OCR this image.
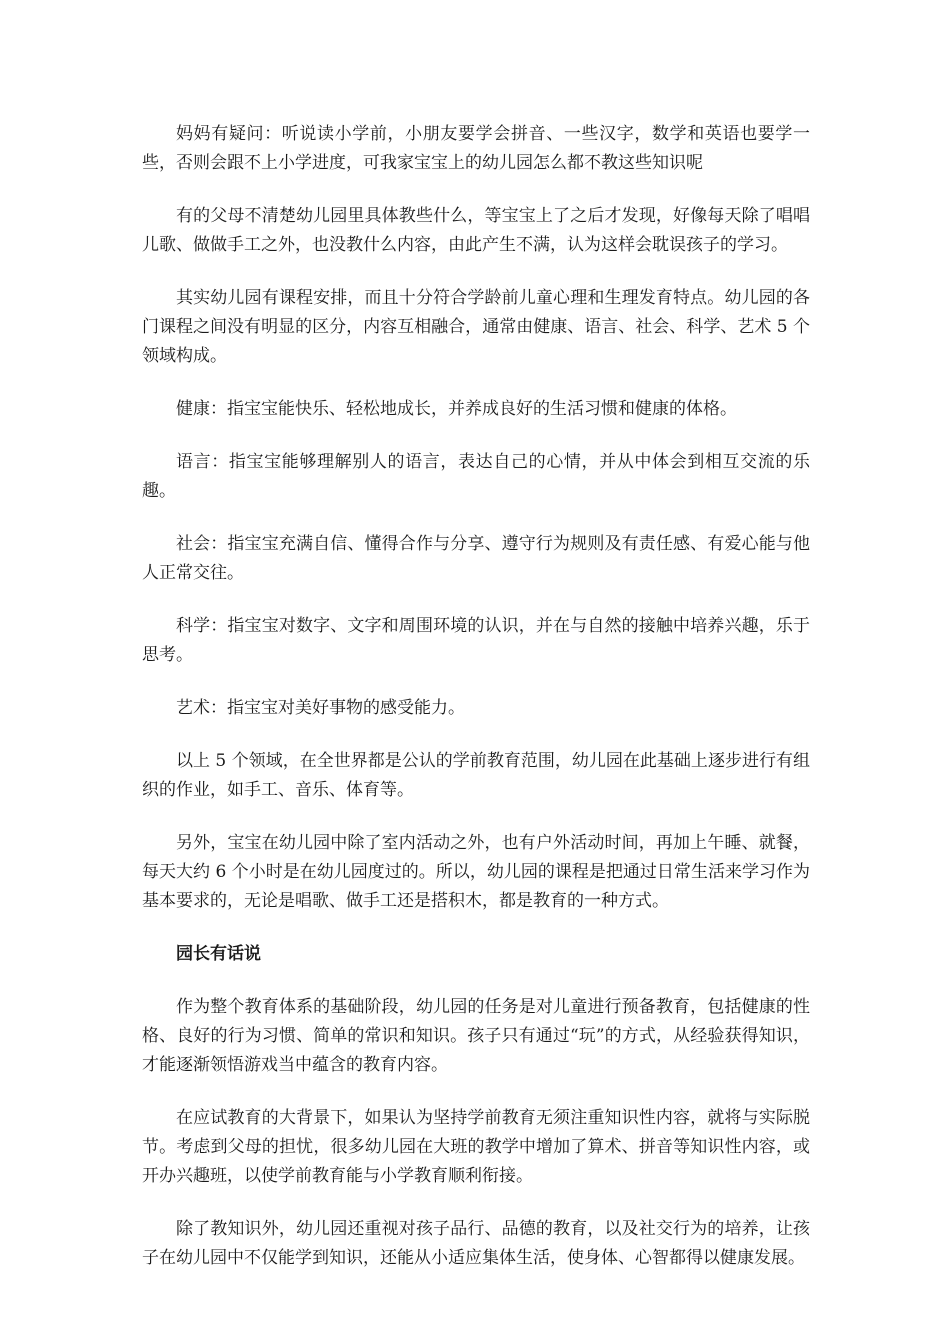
妈妈有疑问：听说读小学前，小朋友要学会拼音、一些汉字，数学和英语也要学一些，否则会跟不上小学进度，可我家宝宝上的幼儿园怎么都不教这些知识呢

有的父母不清楚幼儿园里具体教些什么，等宝宝上了之后才发现，好像每天除了唱唱儿歌、做做手工之外，也没教什么内容，由此产生不满，认为这样会耽误孩子的学习。

其实幼儿园有课程安排，而且十分符合学龄前儿童心理和生理发育特点。幼儿园的各门课程之间没有明显的区分，内容互相融合，通常由健康、语言、社会、科学、艺术 5 个领域构成。

健康：指宝宝能快乐、轻松地成长，并养成良好的生活习惯和健康的体格。

语言：指宝宝能够理解别人的语言，表达自己的心情，并从中体会到相互交流的乐趣。

社会：指宝宝充满自信、懂得合作与分享、遵守行为规则及有责任感、有爱心能与他人正常交往。

科学：指宝宝对数字、文字和周围环境的认识，并在与自然的接触中培养兴趣，乐于思考。

艺术：指宝宝对美好事物的感受能力。

以上 5 个领域，在全世界都是公认的学前教育范围，幼儿园在此基础上逐步进行有组织的作业，如手工、音乐、体育等。

另外，宝宝在幼儿园中除了室内活动之外，也有户外活动时间，再加上午睡、就餐，每天大约 6 个小时是在幼儿园度过的。所以，幼儿园的课程是把通过日常生活来学习作为基本要求的，无论是唱歌、做手工还是搭积木，都是教育的一种方式。

园长有话说

作为整个教育体系的基础阶段，幼儿园的任务是对儿童进行预备教育，包括健康的性格、良好的行为习惯、简单的常识和知识。孩子只有通过“玩”的方式，从经验获得知识，才能逐渐领悟游戏当中蕴含的教育内容。

在应试教育的大背景下，如果认为坚持学前教育无须注重知识性内容，就将与实际脱节。考虑到父母的担忧，很多幼儿园在大班的教学中增加了算术、拼音等知识性内容，或开办兴趣班，以使学前教育能与小学教育顺利衔接。

除了教知识外，幼儿园还重视对孩子品行、品德的教育，以及社交行为的培养，让孩子在幼儿园中不仅能学到知识，还能从小适应集体生活，使身体、心智都得以健康发展。
